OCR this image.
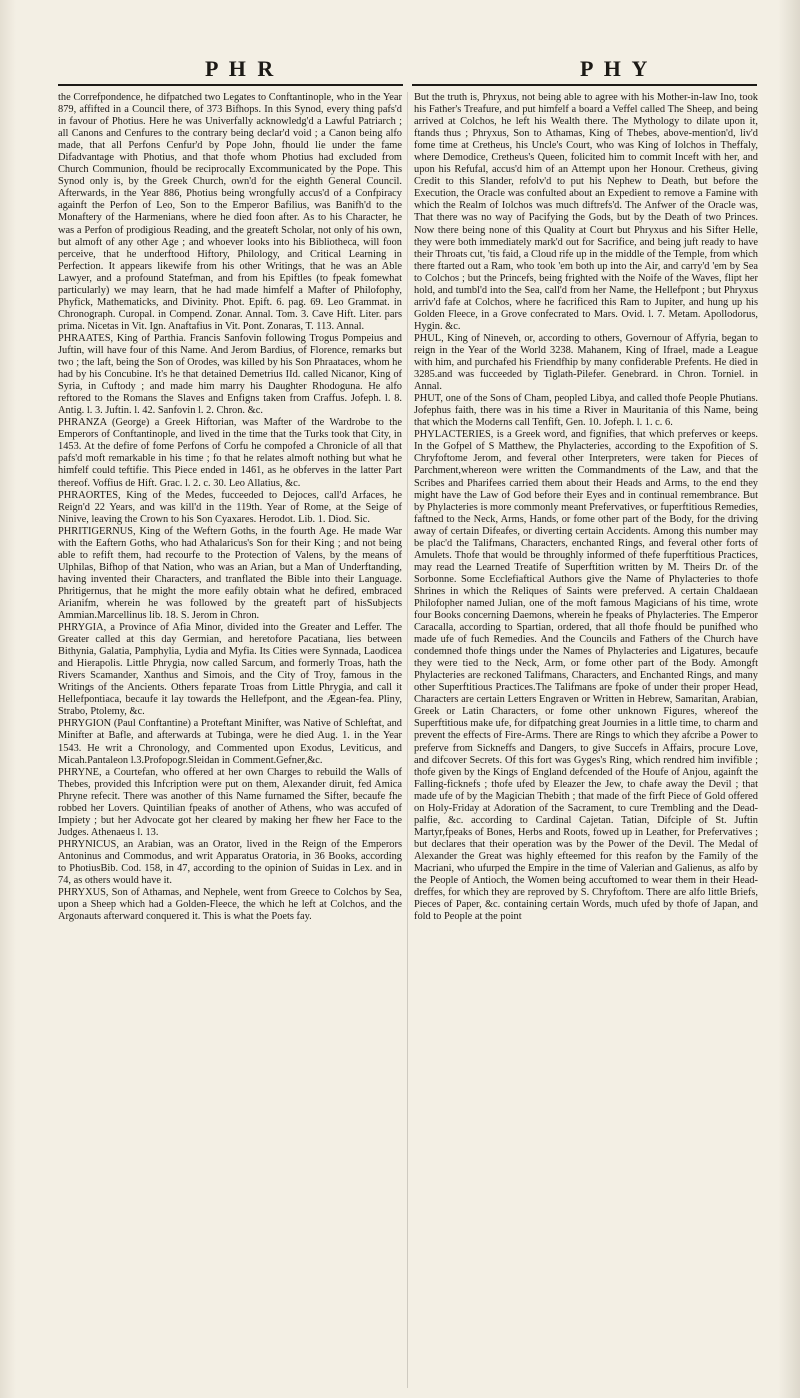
P H R	P H Y

the Correfpondence, he difpatched two Legates to Conftantinople, who in the Year 879, affifted in a Council there, of 373 Bifhops. In this Synod, every thing pafs'd in favour of Photius. Here he was Univerfally acknowledg'd a Lawful Patriarch ; all Canons and Cenfures to the contrary being declar'd void ; a Canon being alfo made, that all Perfons Cenfur'd by Pope John, fhould lie under the fame Difadvantage with Photius, and that thofe whom Photius had excluded from Church Communion, fhould be reciprocally Excommunicated by the Pope. This Synod only is, by the Greek Church, own'd for the eighth General Council. Afterwards, in the Year 886, Photius being wrongfully accus'd of a Confpiracy againft the Perfon of Leo, Son to the Emperor Bafilius, was Banifh'd to the Monaftery of the Harmenians, where he died foon after. As to his Character, he was a Perfon of prodigious Reading, and the greateft Scholar, not only of his own, but almoft of any other Age ; and whoever looks into his Bibliotheca, will foon perceive, that he underftood Hiftory, Philology, and Critical Learning in Perfection. It appears likewife from his other Writings, that he was an Able Lawyer, and a profound Statefman, and from his Epiftles (to fpeak fomewhat particularly) we may learn, that he had made himfelf a Mafter of Philofophy, Phyfick, Mathematicks, and Divinity. Phot. Epift. 6. pag. 69. Leo Grammat. in Chronograph. Curopal. in Compend. Zonar. Annal. Tom. 3. Cave Hift. Liter. pars prima. Nicetas in Vit. Ign. Anaftafius in Vit. Pont. Zonaras, T. 113. Annal.

PHRAATES, King of Parthia. Francis Sanfovin following Trogus Pompeius and Juftin, will have four of this Name. And Jerom Bardius, of Florence, remarks but two ; the laft, being the Son of Orodes, was killed by his Son Phraataces, whom he had by his Concubine. It's he that detained Demetrius IId. called Nicanor, King of Syria, in Cuftody ; and made him marry his Daughter Rhodoguna. He alfo reftored to the Romans the Slaves and Enfigns taken from Craffus. Jofeph. l. 8. Antig. l. 3. Juftin. l. 42. Sanfovin l. 2. Chron. &c.

PHRANZA (George) a Greek Hiftorian, was Mafter of the Wardrobe to the Emperors of Conftantinople, and lived in the time that the Turks took that City, in 1453. At the defire of fome Perfons of Corfu he compofed a Chronicle of all that pafs'd moft remarkable in his time ; fo that he relates almoft nothing but what he himfelf could teftifie. This Piece ended in 1461, as he obferves in the latter Part thereof. Voffius de Hift. Grac. l. 2. c. 30. Leo Allatius, &c.

PHRAORTES, King of the Medes, fucceeded to Dejoces, call'd Arfaces, he Reign'd 22 Years, and was kill'd in the 119th. Year of Rome, at the Seige of Ninive, leaving the Crown to his Son Cyaxares. Herodot. Lib. 1. Diod. Sic.

PHRITIGERNUS, King of the Weftern Goths, in the fourth Age. He made War with the Eaftern Goths, who had Athalaricus's Son for their King ; and not being able to refift them, had recourfe to the Protection of Valens, by the means of Ulphilas, Bifhop of that Nation, who was an Arian, but a Man of Underftanding, having invented their Characters, and tranflated the Bible into their Language. Phritigernus, that he might the more eafily obtain what he defired, embraced Arianifm, wherein he was followed by the greateft part of hisSubjects Ammian.Marcellinus lib. 18. S. Jerom in Chron.

PHRYGIA, a Province of Afia Minor, divided into the Greater and Leffer. The Greater called at this day Germian, and heretofore Pacatiana, lies between Bithynia, Galatia, Pamphylia, Lydia and Myfia. Its Cities were Synnada, Laodicea and Hierapolis. Little Phrygia, now called Sarcum, and formerly Troas, hath the Rivers Scamander, Xanthus and Simois, and the City of Troy, famous in the Writings of the Ancients. Others feparate Troas from Little Phrygia, and call it Hellefpontiaca, becaufe it lay towards the Hellefpont, and the Ægean-fea. Pliny, Strabo, Ptolemy, &c.

PHRYGION (Paul Conftantine) a Proteftant Minifter, was Native of Schleftat, and Minifter at Bafle, and afterwards at Tubinga, were he died Aug. 1. in the Year 1543. He writ a Chronology, and Commented upon Exodus, Leviticus, and Micah.Pantaleon l.3.Profopogr.Sleidan in Comment.Gefner,&c.

PHRYNE, a Courtefan, who offered at her own Charges to rebuild the Walls of Thebes, provided this Infcription were put on them, Alexander diruit, fed Amica Phryne refecit. There was another of this Name furnamed the Sifter, becaufe fhe robbed her Lovers. Quintilian fpeaks of another of Athens, who was accufed of Impiety ; but her Advocate got her cleared by making her fhew her Face to the Judges. Athenaeus l. 13.

PHRYNICUS, an Arabian, was an Orator, lived in the Reign of the Emperors Antoninus and Commodus, and writ Apparatus Oratoria, in 36 Books, according to PhotiusBib. Cod. 158, in 47, according to the opinion of Suidas in Lex. and in 74, as others would have it.

PHRYXUS, Son of Athamas, and Nephele, went from Greece to Colchos by Sea, upon a Sheep which had a Golden-Fleece, the which he left at Colchos, and the Argonauts afterward conquered it. This is what the Poets fay.

But the truth is, Phryxus, not being able to agree with his Mother-in-law Ino, took his Father's Treafure, and put himfelf a board a Veffel called The Sheep, and being arrived at Colchos, he left his Wealth there. The Mythology to dilate upon it, ftands thus ; Phryxus, Son to Athamas, King of Thebes, above-mention'd, liv'd fome time at Cretheus, his Uncle's Court, who was King of Iolchos in Theffaly, where Demodice, Cretheus's Queen, folicited him to commit Inceft with her, and upon his Refufal, accus'd him of an Attempt upon her Honour. Cretheus, giving Credit to this Slander, refolv'd to put his Nephew to Death, but before the Execution, the Oracle was confulted about an Expedient to remove a Famine with which the Realm of Iolchos was much diftrefs'd. The Anfwer of the Oracle was, That there was no way of Pacifying the Gods, but by the Death of two Princes. Now there being none of this Quality at Court but Phryxus and his Sifter Helle, they were both immediately mark'd out for Sacrifice, and being juft ready to have their Throats cut, 'tis faid, a Cloud rife up in the middle of the Temple, from which there ftarted out a Ram, who took 'em both up into the Air, and carry'd 'em by Sea to Colchos ; but the Princefs, being frighted with the Noife of the Waves, flipt her hold, and tumbl'd into the Sea, call'd from her Name, the Hellefpont ; but Phryxus arriv'd fafe at Colchos, where he facrificed this Ram to Jupiter, and hung up his Golden Fleece, in a Grove confecrated to Mars. Ovid. l. 7. Metam. Apollodorus, Hygin. &c.

PHUL, King of Nineveh, or, according to others, Governour of Affyria, began to reign in the Year of the World 3238. Mahanem, King of Ifrael, made a League with him, and purchafed his Friendfhip by many confiderable Prefents. He died in 3285.and was fucceeded by Tiglath-Pilefer. Genebrard. in Chron. Torniel. in Annal.

PHUT, one of the Sons of Cham, peopled Libya, and called thofe People Phutians. Jofephus faith, there was in his time a River in Mauritania of this Name, being that which the Moderns call Tenfift, Gen. 10. Jofeph. l. 1. c. 6.

PHYLACTERIES, is a Greek word, and fignifies, that which preferves or keeps. In the Gofpel of S Matthew, the Phylacteries, according to the Expofition of S. Chryfoftome Jerom, and feveral other Interpreters, were taken for Pieces of Parchment,whereon were written the Commandments of the Law, and that the Scribes and Pharifees carried them about their Heads and Arms, to the end they might have the Law of God before their Eyes and in continual remembrance. But by Phylacteries is more commonly meant Prefervatives, or fuperftitious Remedies, faftned to the Neck, Arms, Hands, or fome other part of the Body, for the driving away of certain Difeafes, or diverting certain Accidents. Among this number may be plac'd the Talifmans, Characters, enchanted Rings, and feveral other forts of Amulets. Thofe that would be throughly informed of thefe fuperftitious Practices, may read the Learned Treatife of Superftition written by M. Theirs Dr. of the Sorbonne. Some Ecclefiaftical Authors give the Name of Phylacteries to thofe Shrines in which the Reliques of Saints were preferved. A certain Chaldaean Philofopher named Julian, one of the moft famous Magicians of his time, wrote four Books concerning Daemons, wherein he fpeaks of Phylacteries. The Emperor Caracalla, according to Spartian, ordered, that all thofe fhould be punifhed who made ufe of fuch Remedies. And the Councils and Fathers of the Church have condemned thofe things under the Names of Phylacteries and Ligatures, becaufe they were tied to the Neck, Arm, or fome other part of the Body. Amongft Phylacteries are reckoned Talifmans, Characters, and Enchanted Rings, and many other Superftitious Practices.The Talifmans are fpoke of under their proper Head, Characters are certain Letters Engraven or Written in Hebrew, Samaritan, Arabian, Greek or Latin Characters, or fome other unknown Figures, whereof the Superftitious make ufe, for difpatching great Journies in a little time, to charm and prevent the effects of Fire-Arms. There are Rings to which they afcribe a Power to preferve from Sickneffs and Dangers, to give Succefs in Affairs, procure Love, and difcover Secrets. Of this fort was Gyges's Ring, which rendred him invifible ; thofe given by the Kings of England defcended of the Houfe of Anjou, againft the Falling-ficknefs ; thofe ufed by Eleazer the Jew, to chafe away the Devil ; that made ufe of by the Magician Thebith ; that made of the firft Piece of Gold offered on Holy-Friday at Adoration of the Sacrament, to cure Trembling and the Dead-palfie, &c. according to Cardinal Cajetan. Tatian, Difciple of St. Juftin Martyr,fpeaks of Bones, Herbs and Roots, fowed up in Leather, for Prefervatives ; but declares that their operation was by the Power of the Devil. The Medal of Alexander the Great was highly efteemed for this reafon by the Family of the Macriani, who ufurped the Empire in the time of Valerian and Galienus, as alfo by the People of Antioch, the Women being accuftomed to wear them in their Head-dreffes, for which they are reproved by S. Chryfoftom. There are alfo little Briefs, Pieces of Paper, &c. containing certain Words, much ufed by thofe of Japan, and fold to People at the point
